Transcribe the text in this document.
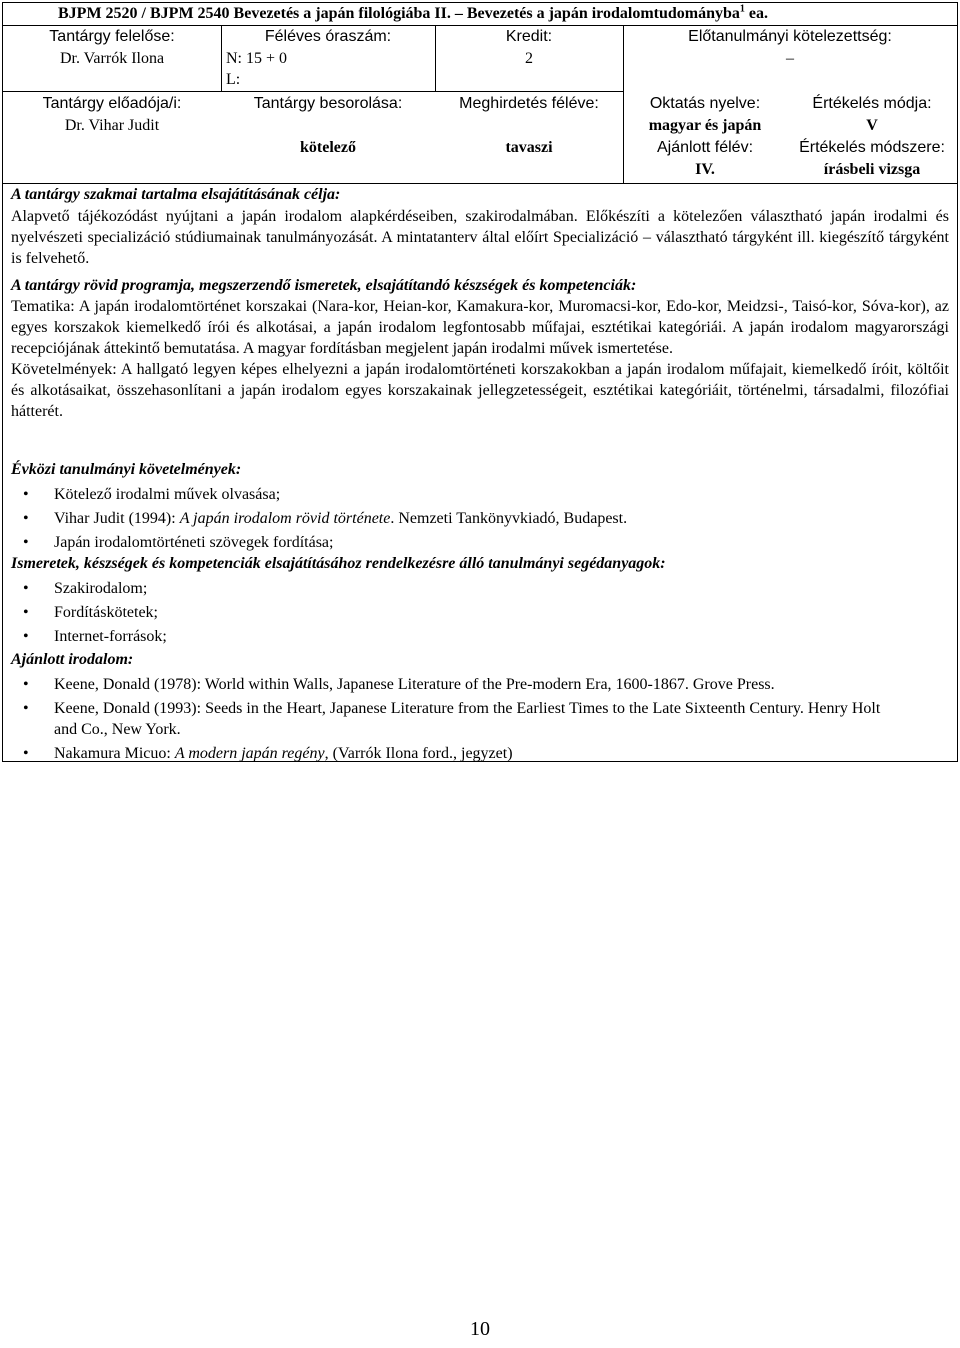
BJPM 2520 / BJPM 2540 Bevezetés a japán filológiába II. – Bevezetés a japán irodalomtudományba$^1$ ea.
Tantárgy felelőse:
Dr. Varrók Ilona
Féléves óraszám:
N: 15 + 0
L:
Kredit:
2
Előtanulmányi kötelezettség:
–
Tantárgy előadója/i:
Dr. Vihar Judit
Tantárgy besorolása:
kötelező
Meghirdetés féléve:
tavaszi
Oktatás nyelve:
magyar és japán
Ajánlott félév:
IV.
Értékelés módja:
V
Értékelés módszere:
írásbeli vizsga
A tantárgy szakmai tartalma elsajátításának célja:
Alapvető tájékozódást nyújtani a japán irodalom alapkérdéseiben, szakirodalmában. Előkészíti a kötelezően választható japán irodalmi és nyelvészeti specializáció stúdiumainak tanulmányozását. A mintatanterv által előírt Specializáció – választható tárgyként ill. kiegészítő tárgyként is felvehető.
A tantárgy rövid programja, megszerzendő ismeretek, elsajátítandó készségek és kompetenciák:
Tematika: A japán irodalomtörténet korszakai (Nara-kor, Heian-kor, Kamakura-kor, Muromacsi-kor, Edo-kor, Meidzsi-, Taisó-kor, Sóva-kor), az egyes korszakok kiemelkedő írói és alkotásai, a japán irodalom legfontosabb műfajai, esztétikai kategóriái. A japán irodalom magyarországi recepciójának áttekintő bemutatása. A magyar fordításban megjelent japán irodalmi művek ismertetése.
Követelmények: A hallgató legyen képes elhelyezni a japán irodalomtörténeti korszakokban a japán irodalom műfajait, kiemelkedő íróit, költőit és alkotásaikat, összehasonlítani a japán irodalom egyes korszakainak jellegzetességeit, esztétikai kategóriáit, történelmi, társadalmi, filozófiai hátterét.
Évközi tanulmányi követelmények:
• Kötelező irodalmi művek olvasása;
• Vihar Judit (1994): A japán irodalom rövid története. Nemzeti Tankönyvkiadó, Budapest.
• Japán irodalomtörténeti szövegek fordítása;
Ismeretek, készségek és kompetenciák elsajátításához rendelkezésre álló tanulmányi segédanyagok:
• Szakirodalom;
• Fordításkötetek;
• Internet-források;
Ajánlott irodalom:
• Keene, Donald (1978): World within Walls, Japanese Literature of the Pre-modern Era, 1600-1867. Grove Press.
• Keene, Donald (1993): Seeds in the Heart, Japanese Literature from the Earliest Times to the Late Sixteenth Century. Henry Holt and Co., New York.
• Nakamura Micuo: A modern japán regény, (Varrók Ilona ford., jegyzet)
10
